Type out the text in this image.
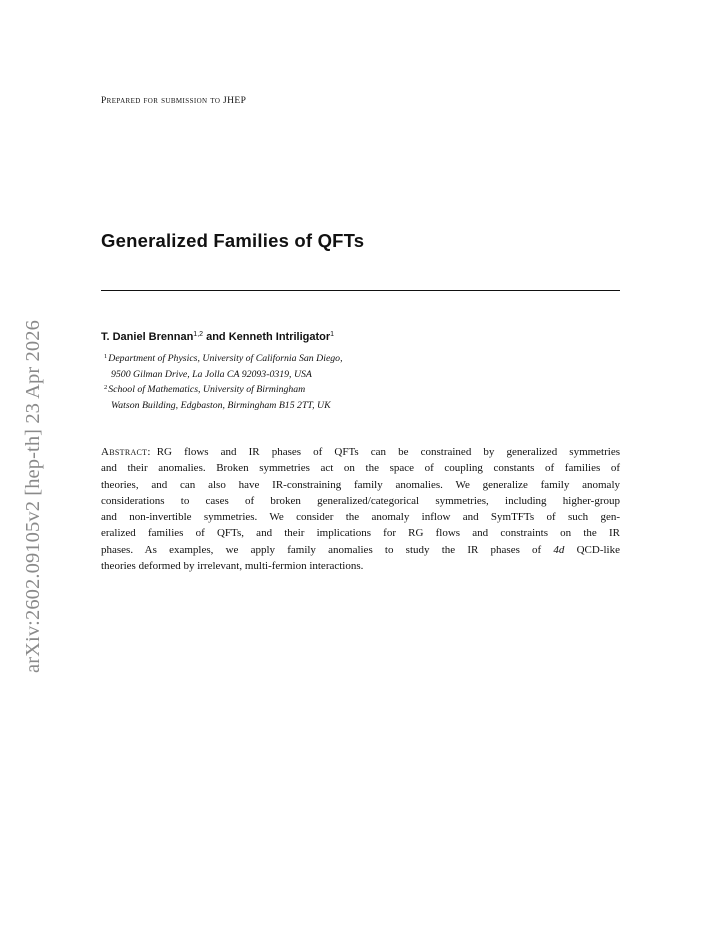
arXiv:2602.09105v2 [hep-th] 23 Apr 2026
Prepared for submission to JHEP
Generalized Families of QFTs
T. Daniel Brennan$^{1,2}$ and Kenneth Intriligator$^1$
$^1$Department of Physics, University of California San Diego,
9500 Gilman Drive, La Jolla CA 92093-0319, USA
$^2$School of Mathematics, University of Birmingham
Watson Building, Edgbaston, Birmingham B15 2TT, UK
Abstract: RG flows and IR phases of QFTs can be constrained by generalized symmetries
and their anomalies. Broken symmetries act on the space of coupling constants of families of
theories, and can also have IR-constraining family anomalies. We generalize family anomaly
considerations to cases of broken generalized/categorical symmetries, including higher-group
and non-invertible symmetries. We consider the anomaly inflow and SymTFTs of such gen-
eralized families of QFTs, and their implications for RG flows and constraints on the IR
phases. As examples, we apply family anomalies to study the IR phases of 4d QCD-like
theories deformed by irrelevant, multi-fermion interactions.
